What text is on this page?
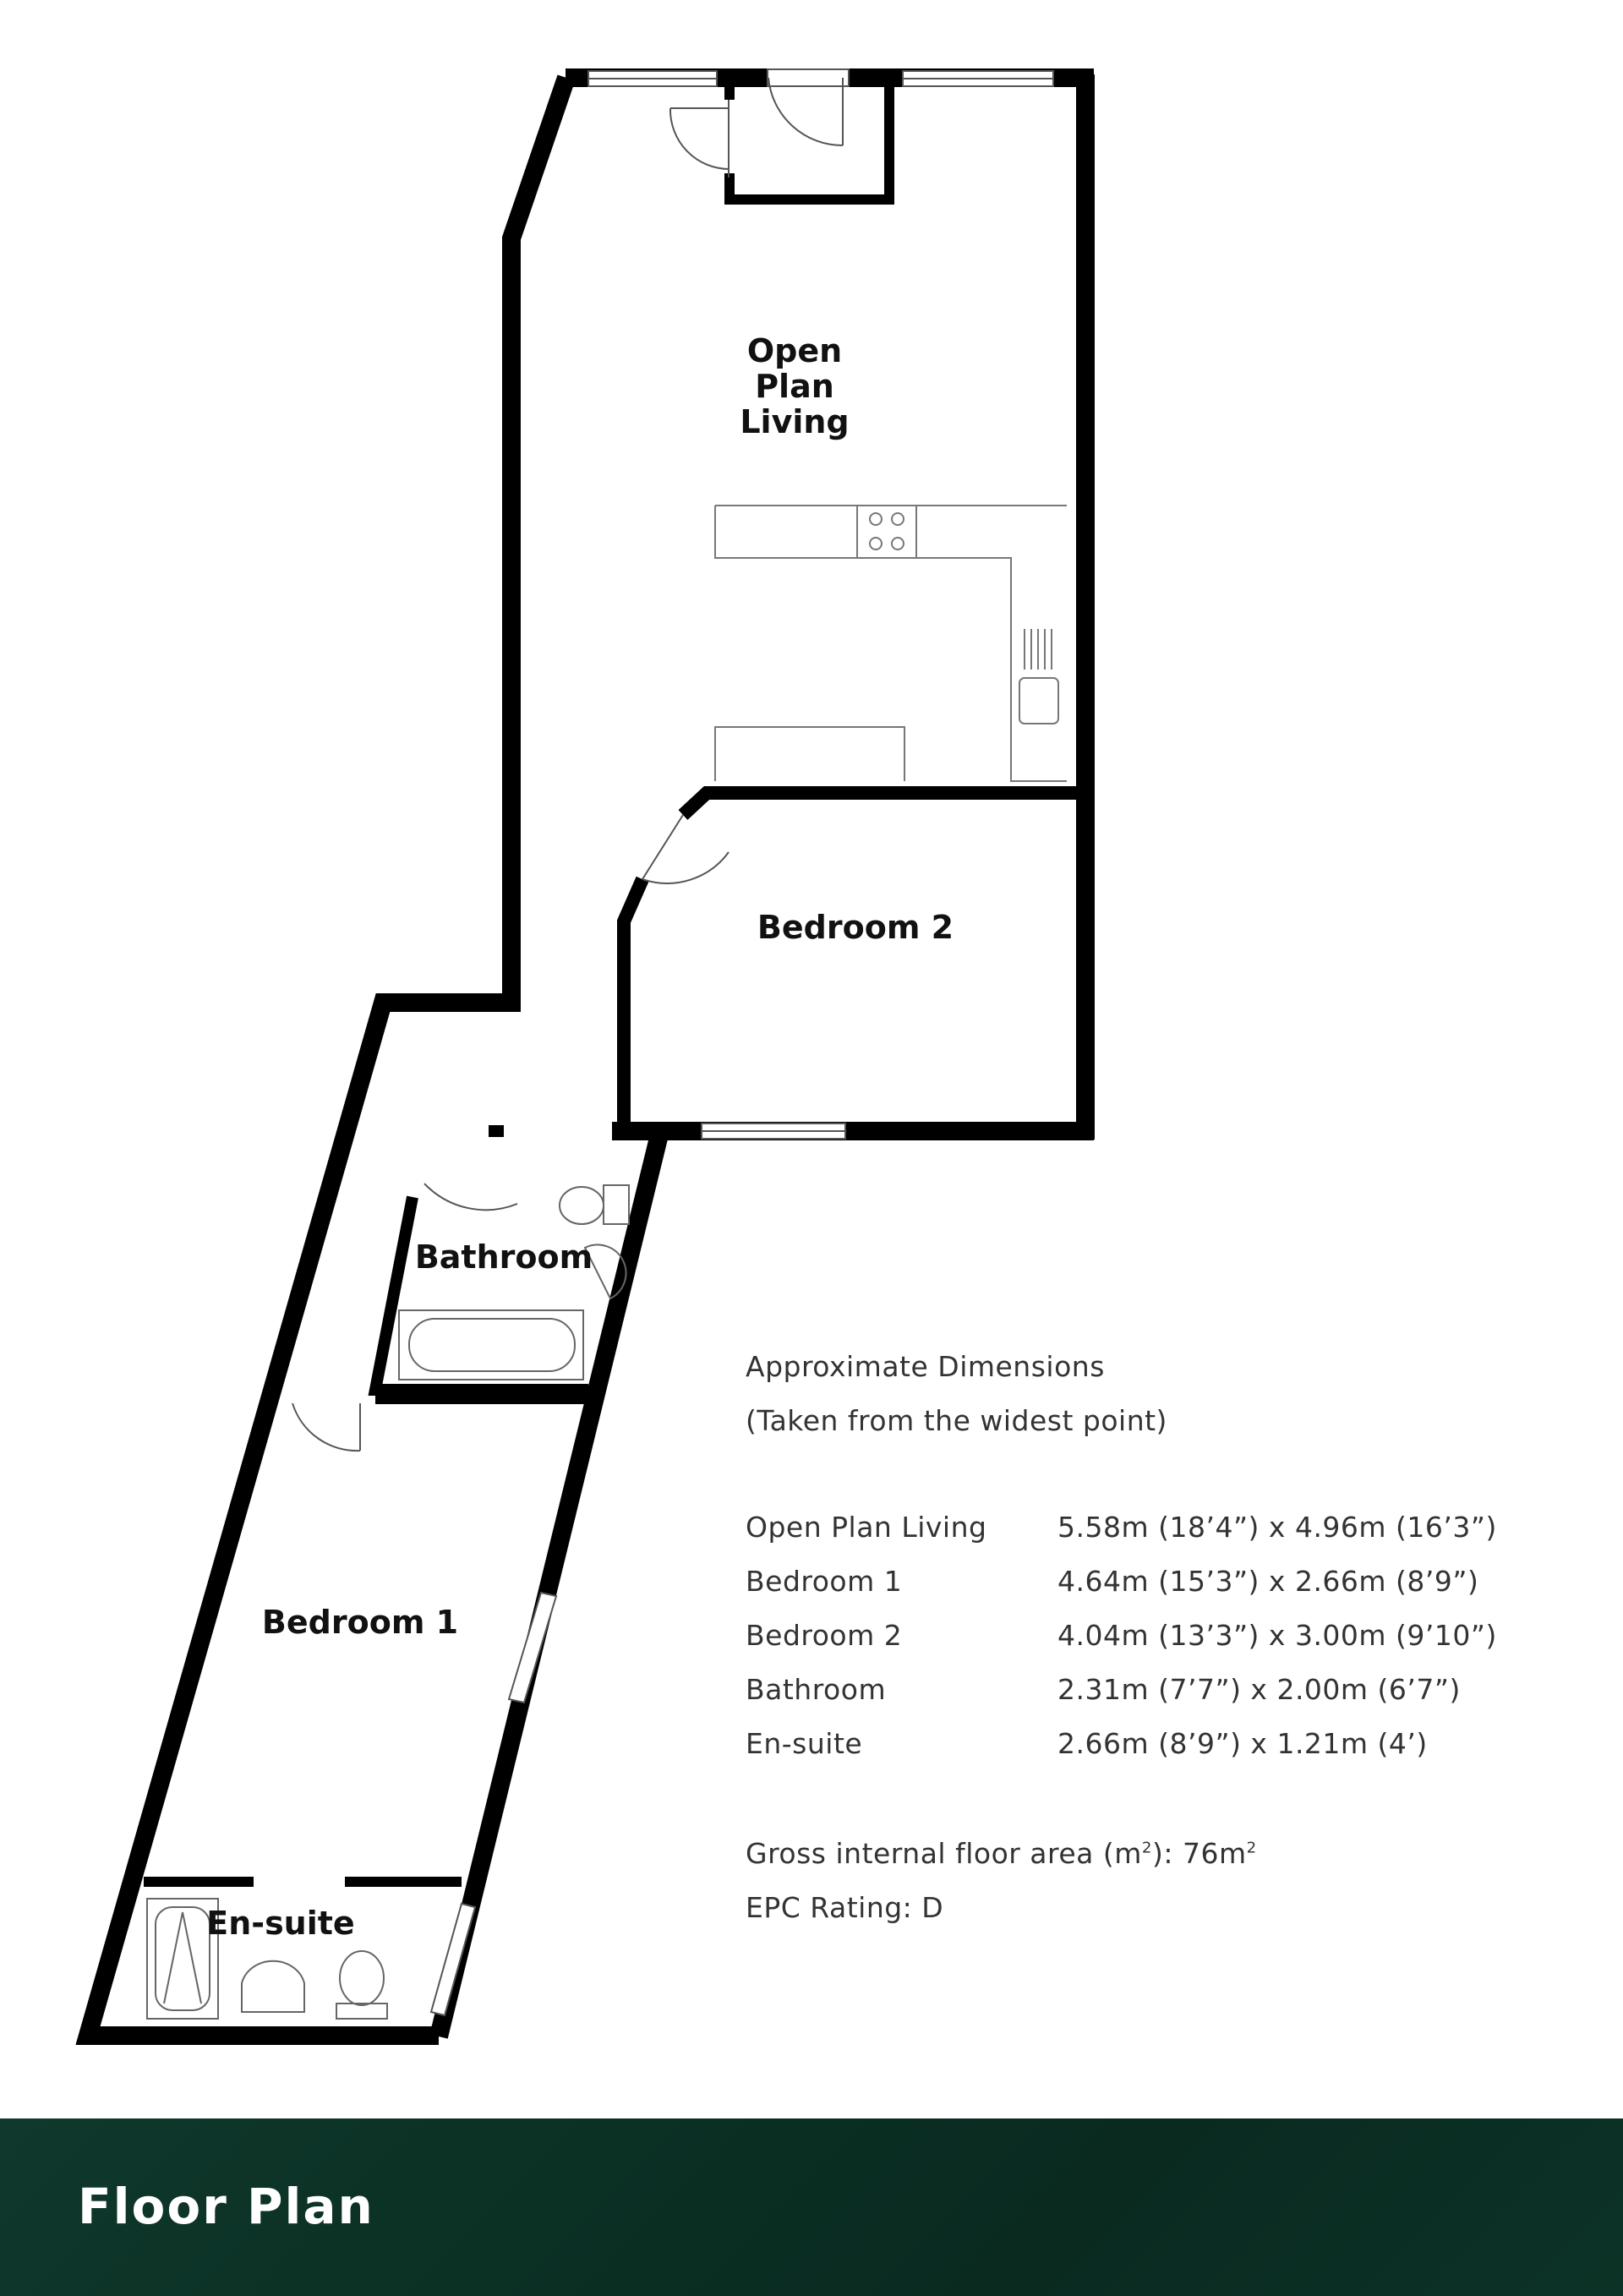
Open
Plan
Living
Bedroom 2
Bathroom
Bedroom 1
En-suite
Approximate Dimensions
(Taken from the widest point)
Open Plan Living	5.58m (18’4”) x 4.96m (16’3”)
Bedroom 1	4.64m (15’3”) x 2.66m (8’9”)
Bedroom 2	4.04m (13’3”) x 3.00m (9’10”)
Bathroom	2.31m (7’7”) x 2.00m (6’7”)
En-suite	2.66m (8’9”) x 1.21m (4’)
Gross internal floor area $(m^2)$: $76m^2$
EPC Rating: D
Floor Plan
